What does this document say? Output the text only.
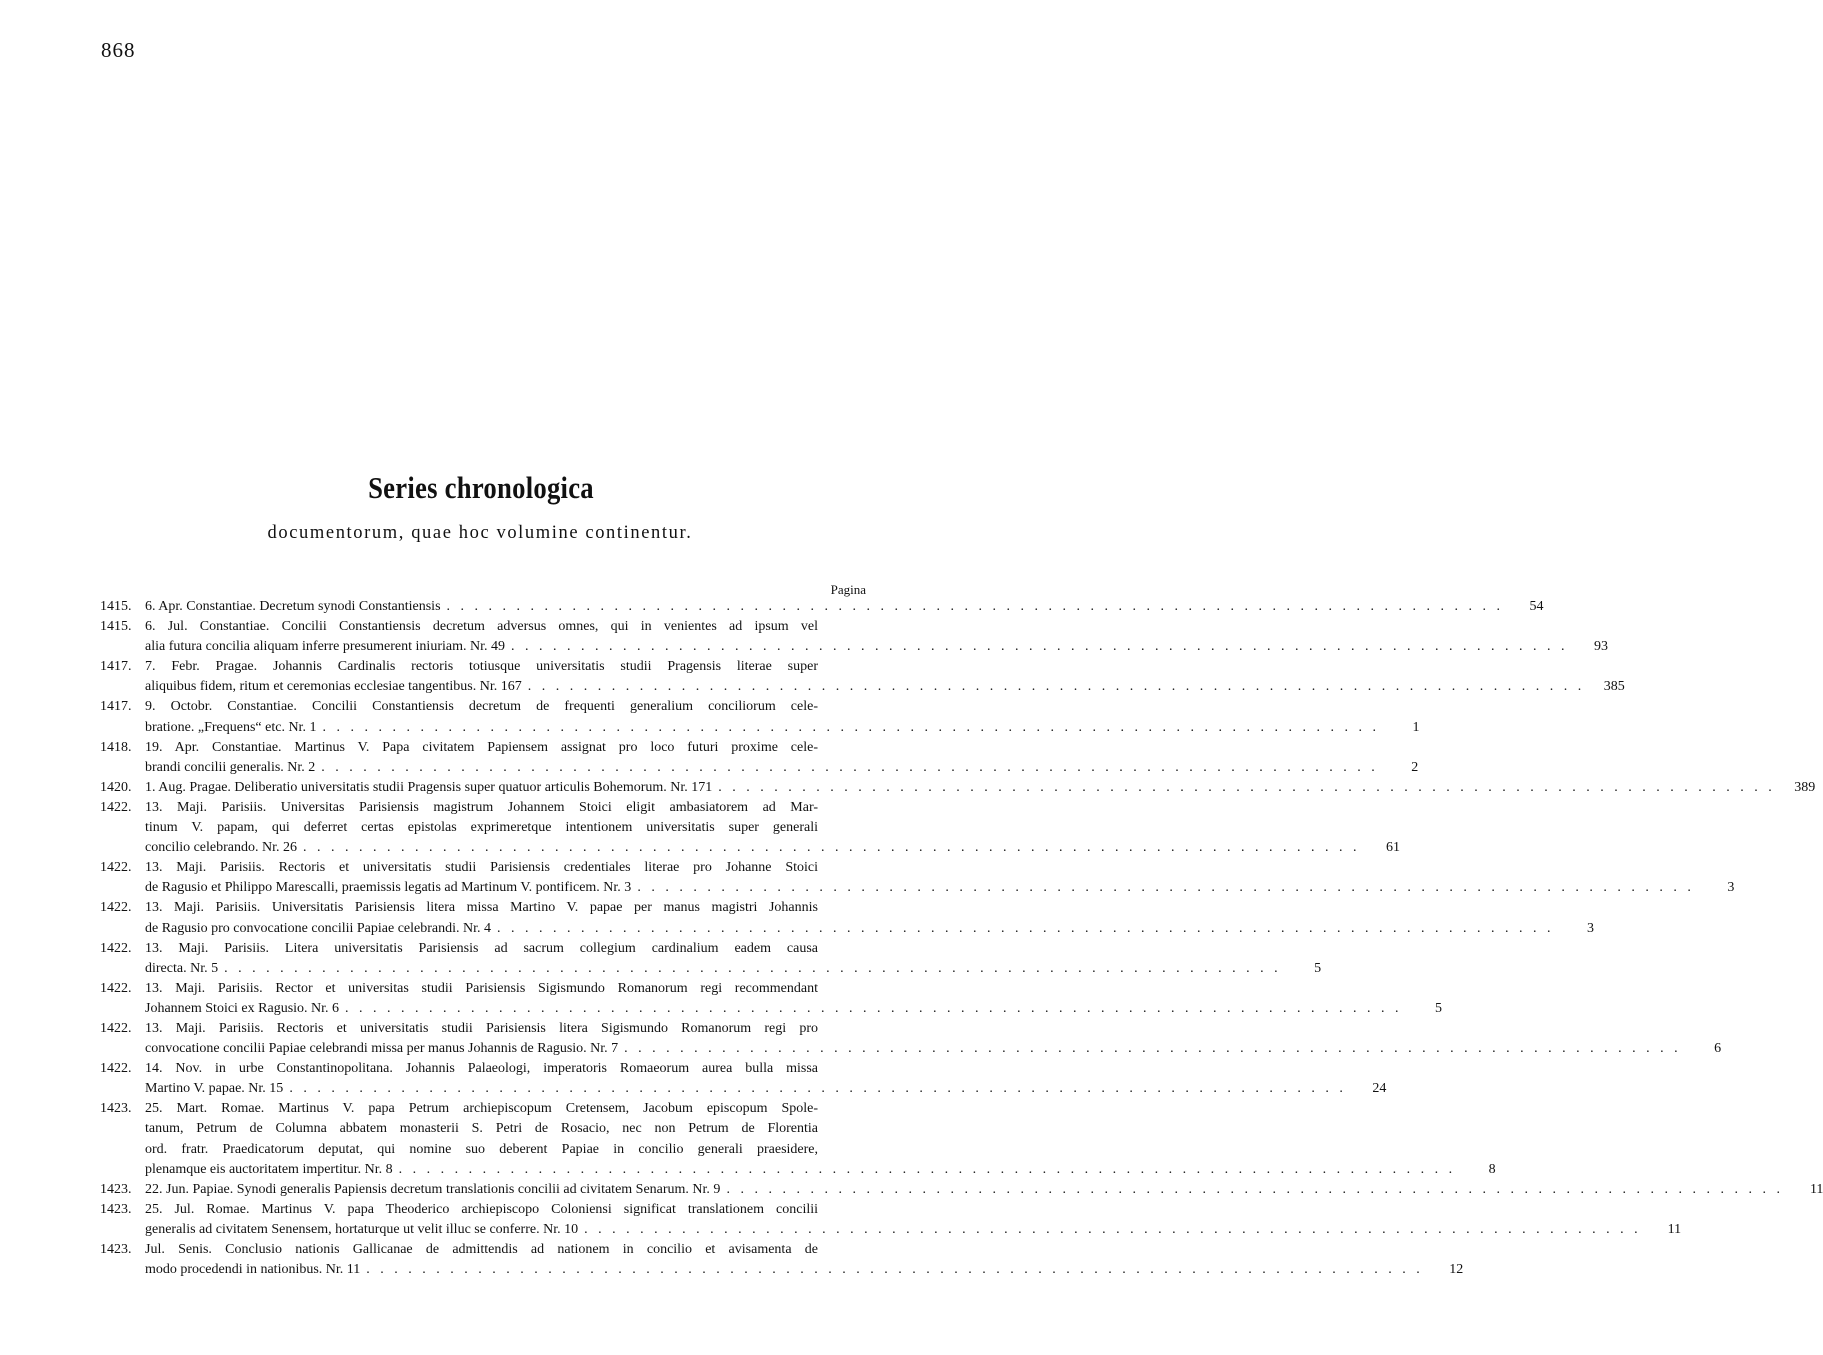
868
Series chronologica
documentorum, quae hoc volumine continentur.
Pagina
1415. 6. Apr. Constantiae. Decretum synodi Constantiensis . . .	54
1415. 6. Jul. Constantiae. Concilii Constantiensis decretum adversus omnes, qui in venientes ad ipsum vel
alia futura concilia aliquam inferre presumerent iniuriam. Nr. 49 . . .	93
1417. 7. Febr. Pragae. Johannis Cardinalis rectoris totiusque universitatis studii Pragensis literae super
aliquibus fidem, ritum et ceremonias ecclesiae tangentibus. Nr. 167 . . .	385
1417. 9. Octobr. Constantiae. Concilii Constantiensis decretum de frequenti generalium conciliorum cele-
bratione. „Frequens“ etc. Nr. 1 . . .	1
1418. 19. Apr. Constantiae. Martinus V. Papa civitatem Papiensem assignat pro loco futuri proxime cele-
brandi concilii generalis. Nr. 2 . . .	2
1420. 1. Aug. Pragae. Deliberatio universitatis studii Pragensis super quatuor articulis Bohemorum. Nr. 171 . . .	389
1422. 13. Maji. Parisiis. Universitas Parisiensis magistrum Johannem Stoici eligit ambasiatorem ad Mar-
tinum V. papam, qui deferret certas epistolas exprimeretque intentionem universitatis super generali
concilio celebrando. Nr. 26 . . .	61
1422. 13. Maji. Parisiis. Rectoris et universitatis studii Parisiensis credentiales literae pro Johanne Stoici
de Ragusio et Philippo Marescalli, praemissis legatis ad Martinum V. pontificem. Nr. 3 . . .	3
1422. 13. Maji. Parisiis. Universitatis Parisiensis litera missa Martino V. papae per manus magistri Johannis
de Ragusio pro convocatione concilii Papiae celebrandi. Nr. 4 . . .	3
1422. 13. Maji. Parisiis. Litera universitatis Parisiensis ad sacrum collegium cardinalium eadem causa
directa. Nr. 5 . . .	5
1422. 13. Maji. Parisiis. Rector et universitas studii Parisiensis Sigismundo Romanorum regi recommendant
Johannem Stoici ex Ragusio. Nr. 6 . . .	5
1422. 13. Maji. Parisiis. Rectoris et universitatis studii Parisiensis litera Sigismundo Romanorum regi pro
convocatione concilii Papiae celebrandi missa per manus Johannis de Ragusio. Nr. 7 . . .	6
1422. 14. Nov. in urbe Constantinopolitana. Johannis Palaeologi, imperatoris Romaeorum aurea bulla missa
Martino V. papae. Nr. 15 . . .	24
1423. 25. Mart. Romae. Martinus V. papa Petrum archiepiscopum Cretensem, Jacobum episcopum Spole-
tanum, Petrum de Columna abbatem monasterii S. Petri de Rosacio, nec non Petrum de Florentia
ord. fratr. Praedicatorum deputat, qui nomine suo deberent Papiae in concilio generali praesidere,
plenamque eis auctoritatem impertitur. Nr. 8 . . .	8
1423. 22. Jun. Papiae. Synodi generalis Papiensis decretum translationis concilii ad civitatem Senarum. Nr. 9 . . .	11
1423. 25. Jul. Romae. Martinus V. papa Theoderico archiepiscopo Coloniensi significat translationem concilii
generalis ad civitatem Senensem, hortaturque ut velit illuc se conferre. Nr. 10 . . .	11
1423. Jul. Senis. Conclusio nationis Gallicanae de admittendis ad nationem in concilio et avisamenta de
modo procedendi in nationibus. Nr. 11 . . .	12
